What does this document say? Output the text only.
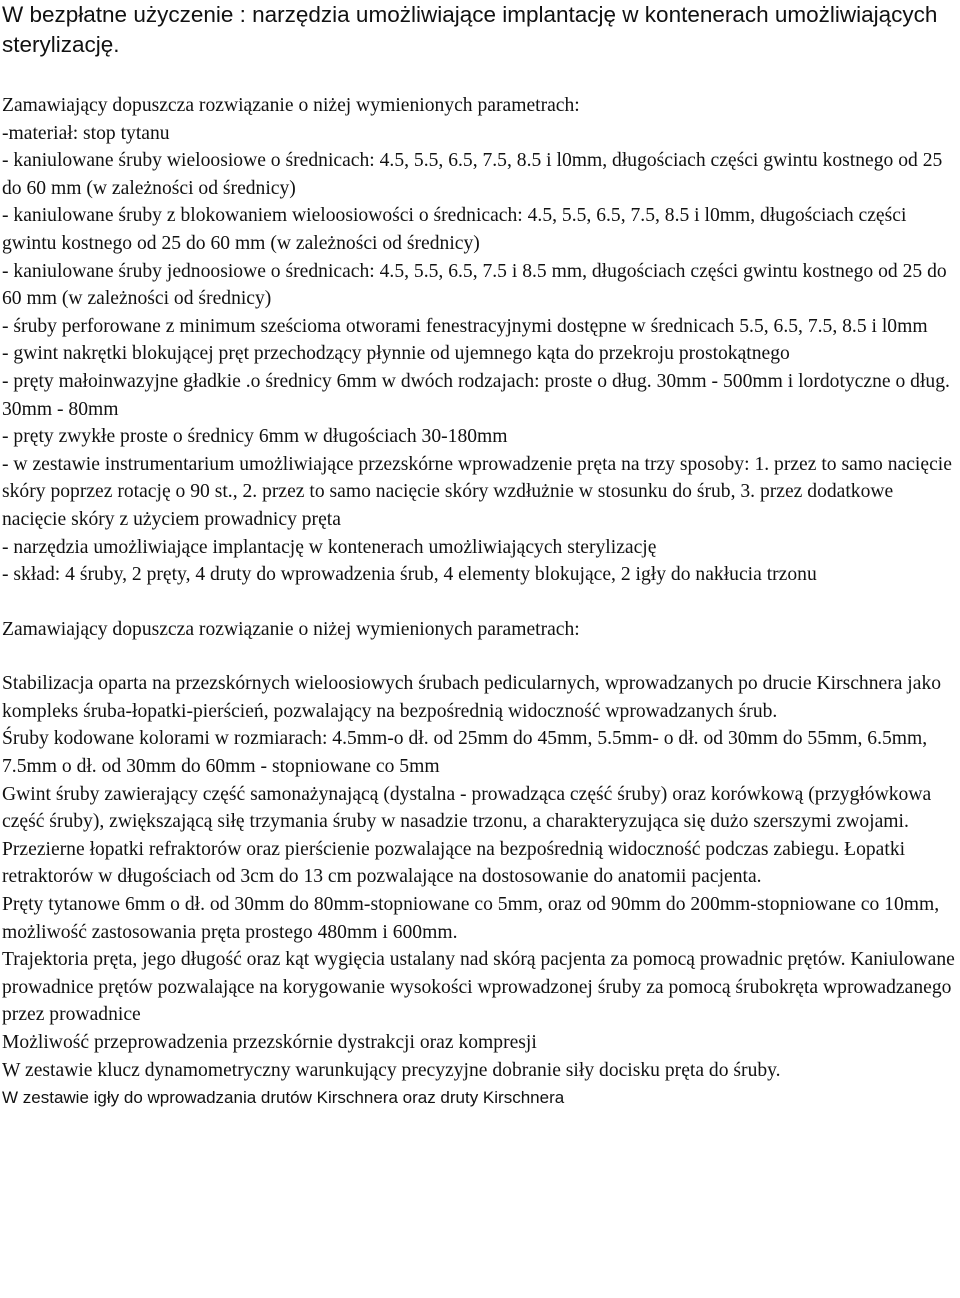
W bezpłatne użyczenie : narzędzia umożliwiające implantację w kontenerach umożliwiających sterylizację.

Zamawiający dopuszcza rozwiązanie o niżej wymienionych parametrach:

-materiał: stop tytanu

- kaniulowane śruby wieloosiowe o średnicach: 4.5, 5.5, 6.5, 7.5, 8.5 i l0mm, długościach części gwintu kostnego od 25 do 60 mm (w zależności od średnicy)

- kaniulowane śruby z blokowaniem wieloosiowości o średnicach: 4.5, 5.5, 6.5, 7.5, 8.5 i l0mm, długościach części gwintu kostnego od 25 do 60 mm (w zależności od średnicy)

- kaniulowane śruby jednoosiowe o średnicach: 4.5, 5.5, 6.5, 7.5 i 8.5 mm, długościach części gwintu kostnego od 25 do 60 mm (w zależności od średnicy)

- śruby perforowane z minimum sześcioma otworami fenestracyjnymi dostępne w średnicach 5.5, 6.5, 7.5, 8.5 i l0mm

- gwint nakrętki blokującej pręt przechodzący płynnie od ujemnego kąta do przekroju prostokątnego

- pręty małoinwazyjne gładkie .o średnicy 6mm w dwóch rodzajach: proste o dług. 30mm - 500mm i lordotyczne o dług. 30mm - 80mm

- pręty zwykłe proste o średnicy 6mm w długościach 30-180mm

- w zestawie instrumentarium umożliwiające przezskórne wprowadzenie pręta na trzy sposoby: 1. przez to samo nacięcie skóry poprzez rotację o 90 st., 2. przez to samo nacięcie skóry wzdłużnie w stosunku do śrub, 3. przez dodatkowe nacięcie skóry z użyciem prowadnicy pręta

- narzędzia umożliwiające implantację w kontenerach umożliwiających sterylizację

- skład: 4 śruby, 2 pręty, 4 druty do wprowadzenia śrub, 4 elementy blokujące, 2 igły do nakłucia trzonu

Zamawiający dopuszcza rozwiązanie o niżej wymienionych parametrach:

Stabilizacja oparta na przezskórnych wieloosiowych śrubach pedicularnych, wprowadzanych po drucie Kirschnera jako kompleks śruba-łopatki-pierścień, pozwalający na bezpośrednią widoczność wprowadzanych śrub.

Śruby kodowane kolorami w rozmiarach: 4.5mm-o dł. od 25mm do 45mm, 5.5mm- o dł. od 30mm do 55mm, 6.5mm, 7.5mm o dł. od 30mm do 60mm - stopniowane co 5mm

Gwint śruby zawierający część samonażynającą (dystalna - prowadząca część śruby) oraz korówkową (przygłówkowa część śruby), zwiększającą siłę trzymania śruby w nasadzie trzonu, a charakteryzująca się dużo szerszymi zwojami. Przezierne łopatki refraktorów oraz pierścienie pozwalające na bezpośrednią widoczność podczas zabiegu. Łopatki retraktorów w długościach od 3cm do 13 cm pozwalające na dostosowanie do anatomii pacjenta.

Pręty tytanowe 6mm o dł. od 30mm do 80mm-stopniowane co 5mm, oraz od 90mm do 200mm-stopniowane co 10mm, możliwość zastosowania pręta prostego 480mm i 600mm.

Trajektoria pręta, jego długość oraz kąt wygięcia ustalany nad skórą pacjenta za pomocą prowadnic prętów. Kaniulowane prowadnice prętów pozwalające na korygowanie wysokości wprowadzonej śruby za pomocą śrubokręta wprowadzanego przez prowadnice

Możliwość przeprowadzenia przezskórnie dystrakcji oraz kompresji

W zestawie klucz dynamometryczny warunkujący precyzyjne dobranie siły docisku pręta do śruby.

W zestawie igły do wprowadzania drutów Kirschnera oraz druty Kirschnera
